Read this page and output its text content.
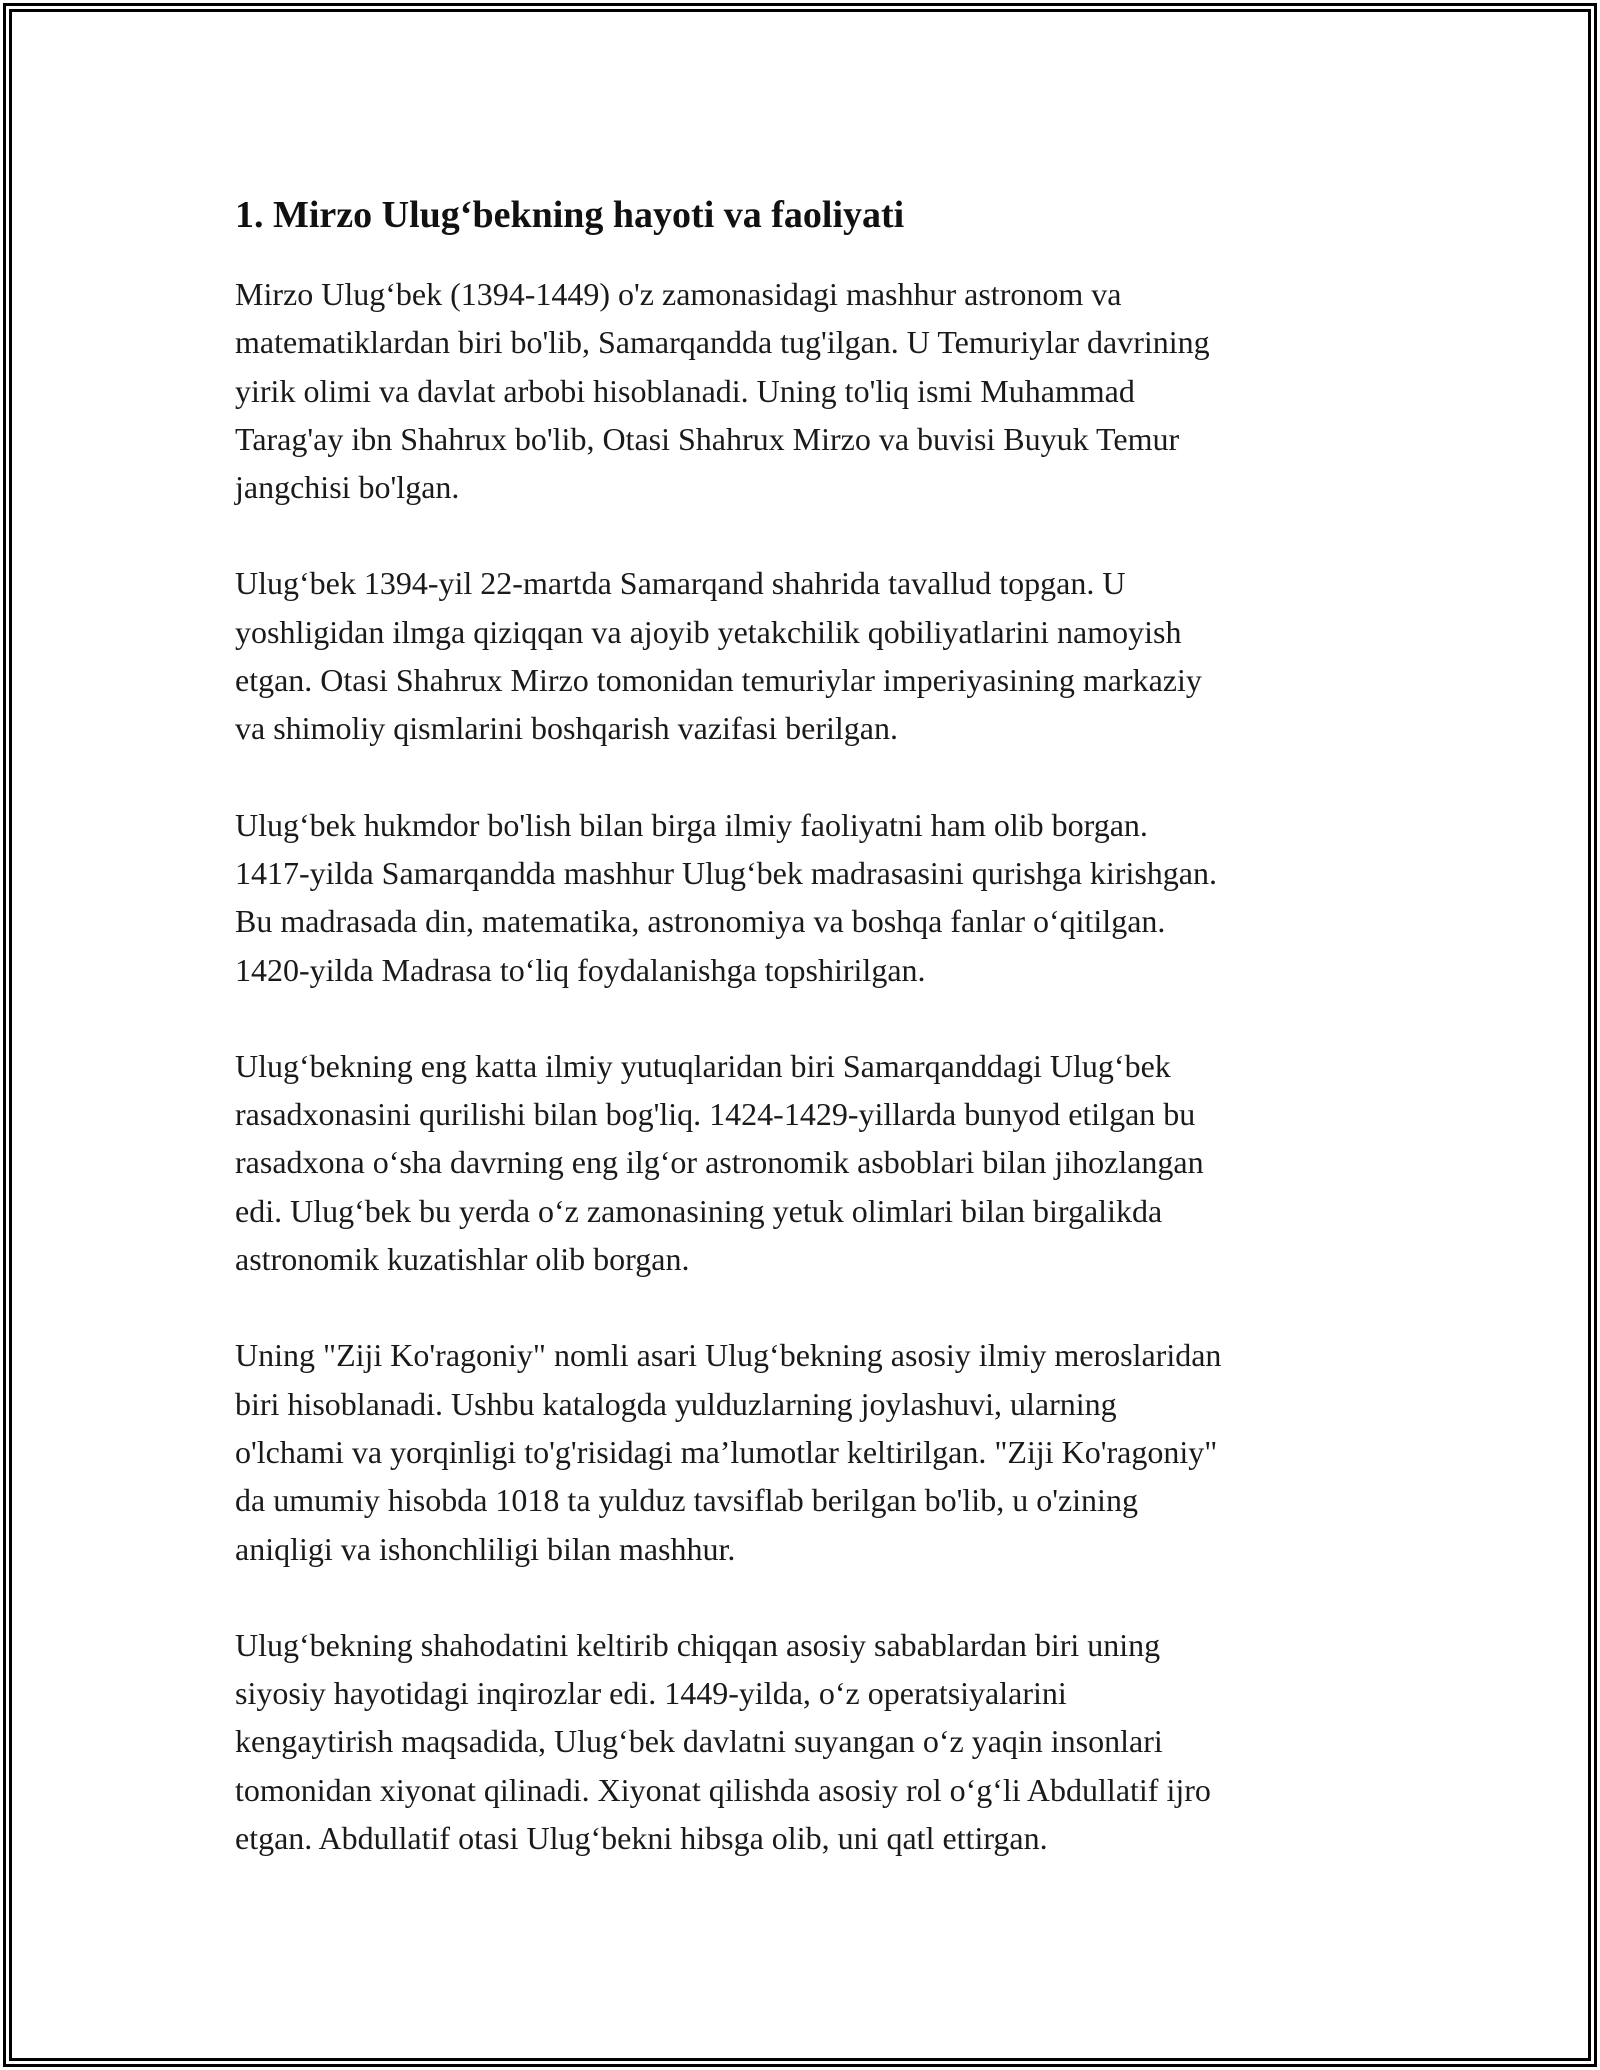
1. Mirzo Ulug‘bekning hayoti va faoliyati

Mirzo Ulug‘bek (1394-1449) o'z zamonasidagi mashhur astronom va
matematiklardan biri bo'lib, Samarqandda tug'ilgan. U Temuriylar davrining
yirik olimi va davlat arbobi hisoblanadi. Uning to'liq ismi Muhammad
Tarag'ay ibn Shahrux bo'lib, Otasi Shahrux Mirzo va buvisi Buyuk Temur
jangchisi bo'lgan.

Ulug‘bek 1394-yil 22-martda Samarqand shahrida tavallud topgan. U
yoshligidan ilmga qiziqqan va ajoyib yetakchilik qobiliyatlarini namoyish
etgan. Otasi Shahrux Mirzo tomonidan temuriylar imperiyasining markaziy
va shimoliy qismlarini boshqarish vazifasi berilgan.

Ulug‘bek hukmdor bo'lish bilan birga ilmiy faoliyatni ham olib borgan.
1417-yilda Samarqandda mashhur Ulug‘bek madrasasini qurishga kirishgan.
Bu madrasada din, matematika, astronomiya va boshqa fanlar o‘qitilgan.
1420-yilda Madrasa to‘liq foydalanishga topshirilgan.

Ulug‘bekning eng katta ilmiy yutuqlaridan biri Samarqanddagi Ulug‘bek
rasadxonasini qurilishi bilan bog'liq. 1424-1429-yillarda bunyod etilgan bu
rasadxona o‘sha davrning eng ilg‘or astronomik asboblari bilan jihozlangan
edi. Ulug‘bek bu yerda o‘z zamonasining yetuk olimlari bilan birgalikda
astronomik kuzatishlar olib borgan.

Uning "Ziji Ko'ragoniy" nomli asari Ulug‘bekning asosiy ilmiy meroslaridan
biri hisoblanadi. Ushbu katalogda yulduzlarning joylashuvi, ularning
o'lchami va yorqinligi to'g'risidagi ma’lumotlar keltirilgan. "Ziji Ko'ragoniy"
da umumiy hisobda 1018 ta yulduz tavsiflab berilgan bo'lib, u o'zining
aniqligi va ishonchliligi bilan mashhur.

Ulug‘bekning shahodatini keltirib chiqqan asosiy sabablardan biri uning
siyosiy hayotidagi inqirozlar edi. 1449-yilda, o‘z operatsiyalarini
kengaytirish maqsadida, Ulug‘bek davlatni suyangan o‘z yaqin insonlari
tomonidan xiyonat qilinadi. Xiyonat qilishda asosiy rol o‘g‘li Abdullatif ijro
etgan. Abdullatif otasi Ulug‘bekni hibsga olib, uni qatl ettirgan.
